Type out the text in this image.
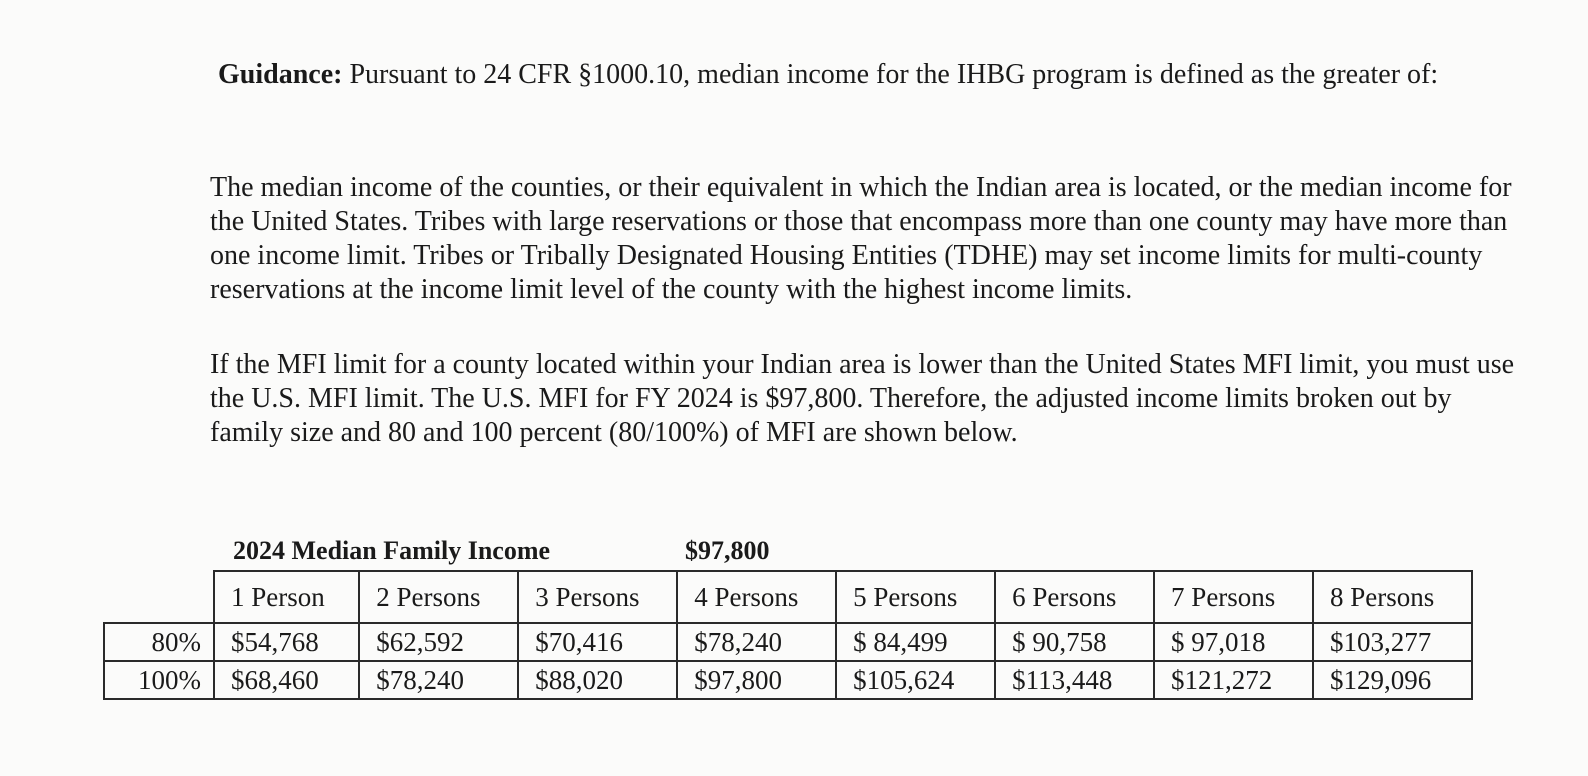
Guidance: Pursuant to 24 CFR §1000.10, median income for the IHBG program is defined as the greater of:

The median income of the counties, or their equivalent in which the Indian area is located, or the median income for the United States. Tribes with large reservations or those that encompass more than one county may have more than one income limit. Tribes or Tribally Designated Housing Entities (TDHE) may set income limits for multi-county reservations at the income limit level of the county with the highest income limits.

If the MFI limit for a county located within your Indian area is lower than the United States MFI limit, you must use the U.S. MFI limit. The U.S. MFI for FY 2024 is $97,800. Therefore, the adjusted income limits broken out by family size and 80 and 100 percent (80/100%) of MFI are shown below.

2024 Median Family Income	$97,800

	1 Person	2 Persons	3 Persons	4 Persons	5 Persons	6 Persons	7 Persons	8 Persons
80%	$54,768	$62,592	$70,416	$78,240	$ 84,499	$ 90,758	$ 97,018	$103,277
100%	$68,460	$78,240	$88,020	$97,800	$105,624	$113,448	$121,272	$129,096
